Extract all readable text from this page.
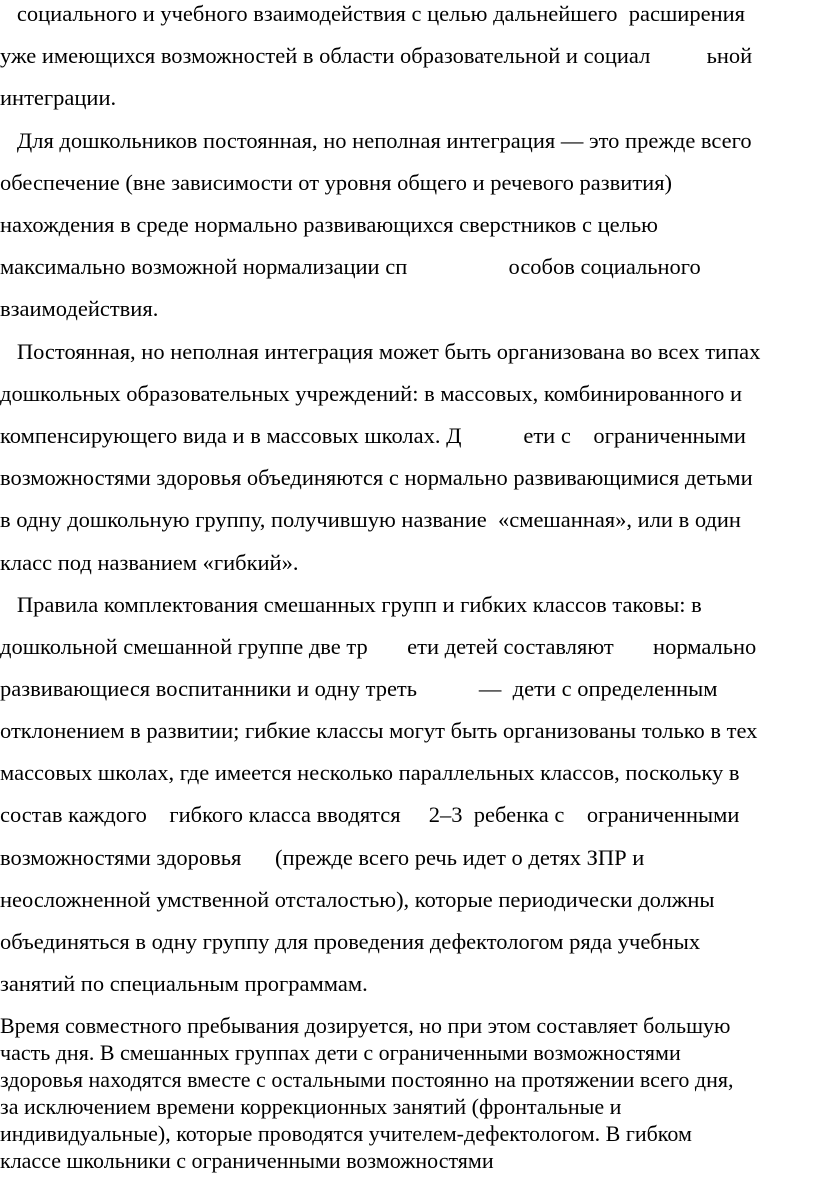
социального и учебного взаимодействия с целью дальнейшего  расширения
уже имеющихся возможностей в области образовательной и социал          ьной
интеграции.
Для дошкольников постоянная, но неполная интеграция — это прежде всего
обеспечение (вне зависимости от уровня общего и речевого развития)
нахождения в среде нормально развивающихся сверстников с целью
максимально возможной нормализации сп                  особов социального
взаимодействия.
Постоянная, но неполная интеграция может быть организована во всех типах
дошкольных образовательных учреждений: в массовых, комбинированного и
компенсирующего вида и в массовых школах. Д           ети с    ограниченными
возможностями здоровья объединяются с нормально развивающимися детьми
в одну дошкольную группу, получившую название  «смешанная», или в один
класс под названием «гибкий».
Правила комплектования смешанных групп и гибких классов таковы: в
дошкольной смешанной группе две тр       ети детей составляют       нормально
развивающиеся воспитанники и одну треть           —  дети с определенным
отклонением в развитии; гибкие классы могут быть организованы только в тех
массовых школах, где имеется несколько параллельных классов, поскольку в
состав каждого    гибкого класса вводятся     2–3  ребенка с    ограниченными
возможностями здоровья      (прежде всего речь идет о детях ЗПР и
неосложненной умственной отсталостью), которые периодически должны
объединяться в одну группу для проведения дефектологом ряда учебных
занятий по специальным программам.
Время совместного пребывания дозируется, но при этом составляет большую
часть дня. В смешанных группах дети с ограниченными возможностями
здоровья находятся вместе с остальными постоянно на протяжении всего дня,
за исключением времени коррекционных занятий (фронтальные и
индивидуальные), которые проводятся учителем-дефектологом. В гибком
классе школьники с ограниченными возможностями
